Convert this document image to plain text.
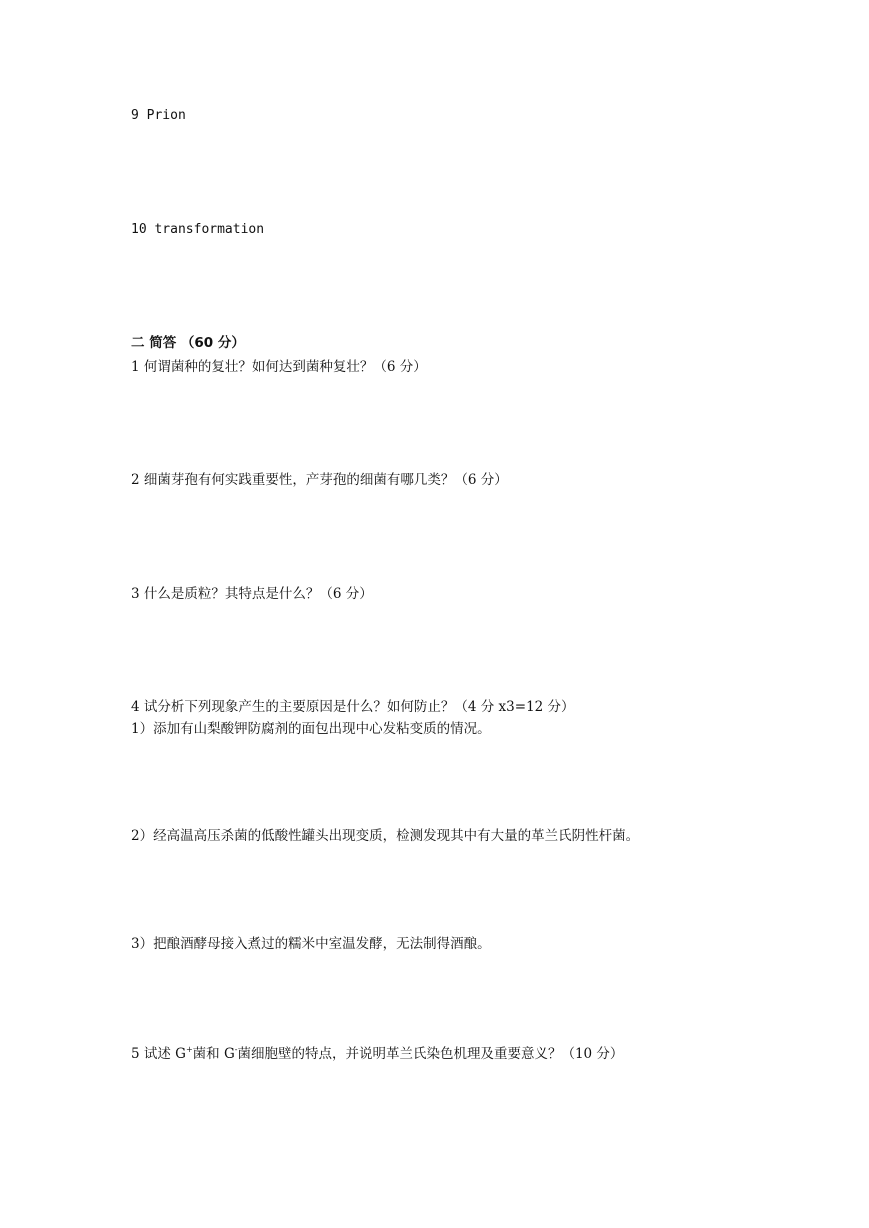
9 Prion
10 transformation
二 简答 （60 分）
1 何谓菌种的复壮？如何达到菌种复壮？（6 分）
2 细菌芽孢有何实践重要性，产芽孢的细菌有哪几类？（6 分）
3 什么是质粒？其特点是什么？（6 分）
4 试分析下列现象产生的主要原因是什么？如何防止？（4 分 x3=12 分）
1）添加有山梨酸钾防腐剂的面包出现中心发粘变质的情况。
2）经高温高压杀菌的低酸性罐头出现变质，检测发现其中有大量的革兰氏阴性杆菌。
3）把酿酒酵母接入煮过的糯米中室温发酵，无法制得酒酿。
5 试述 G+菌和 G-菌细胞壁的特点，并说明革兰氏染色机理及重要意义？（10 分）
